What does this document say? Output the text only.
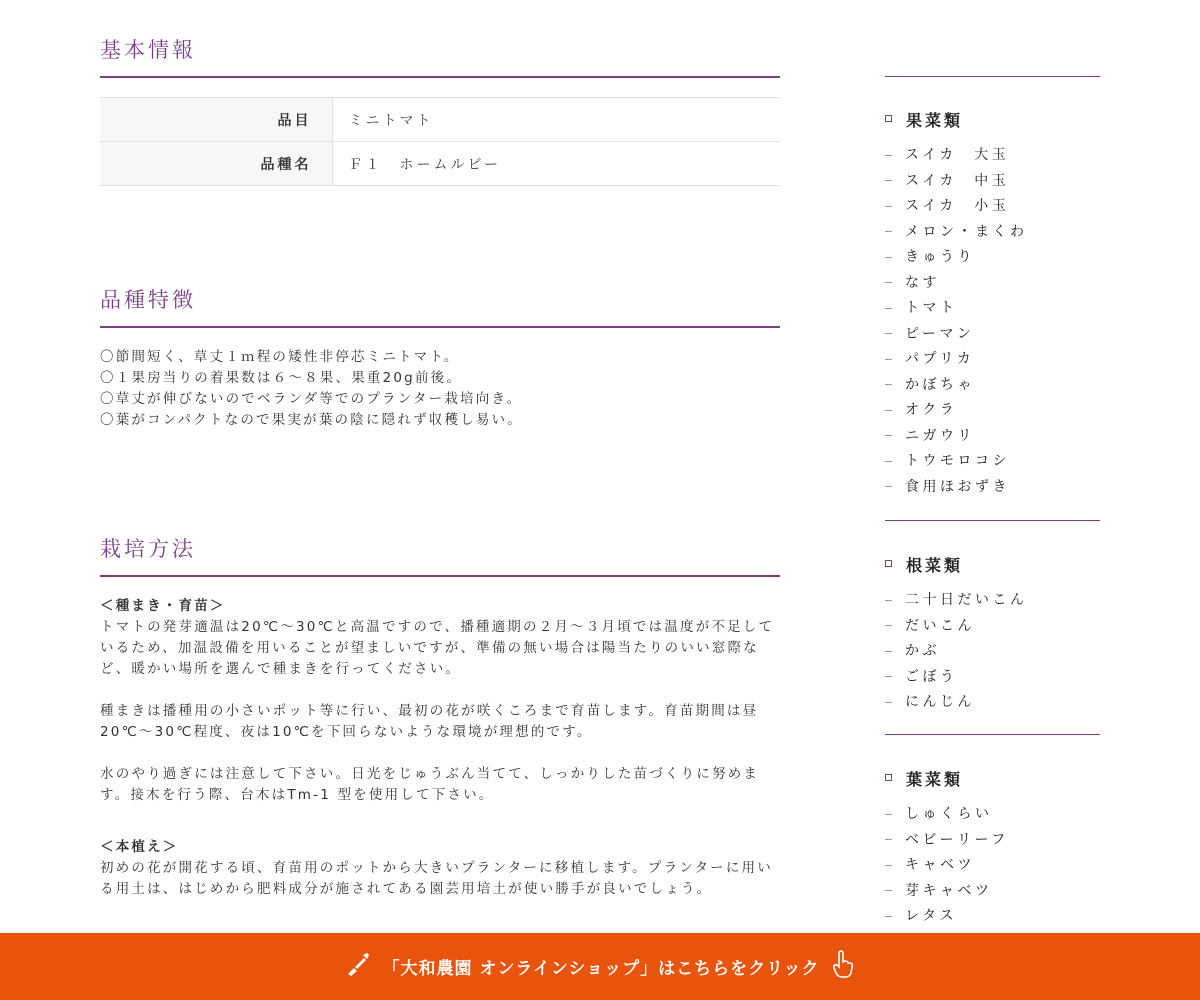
基本情報
品目	ミニトマト
品種名	Ｆ１　ホームルビー
品種特徴
〇節間短く、草丈１ｍ程の矮性非停芯ミニトマト。
〇１果房当りの着果数は６～８果、果重20g前後。
〇草丈が伸びないのでベランダ等でのプランター栽培向き。
〇葉がコンパクトなので果実が葉の陰に隠れず収穫し易い。
栽培方法

＜種まき・育苗＞

トマトの発芽適温は20℃～30℃と高温ですので、播種適期の２月～３月頃では温度が不足しているため、加温設備を用いることが望ましいですが、準備の無い場合は陽当たりのいい窓際など、暖かい場所を選んで種まきを行ってください。

種まきは播種用の小さいポット等に行い、最初の花が咲くころまで育苗します。育苗期間は昼20℃～30℃程度、夜は10℃を下回らないような環境が理想的です。

水のやり過ぎには注意して下さい。日光をじゅうぶん当てて、しっかりした苗づくりに努めます。接木を行う際、台木はTm-1 型を使用して下さい。

＜本植え＞

初めの花が開花する頃、育苗用のポットから大きいプランターに移植します。プランターに用いる用土は、はじめから肥料成分が施されてある園芸用培土が使い勝手が良いでしょう。

果菜類
スイカ　大玉
スイカ　中玉
スイカ　小玉
メロン・まくわ
きゅうり
なす
トマト
ピーマン
パプリカ
かぼちゃ
オクラ
ニガウリ
トウモロコシ
食用ほおずき
根菜類
二十日だいこん
だいこん
かぶ
ごぼう
にんじん
葉菜類
しゅくらい
ベビーリーフ
キャベツ
芽キャベツ
レタス
「大和農園 オンラインショップ」はこちらをクリック
